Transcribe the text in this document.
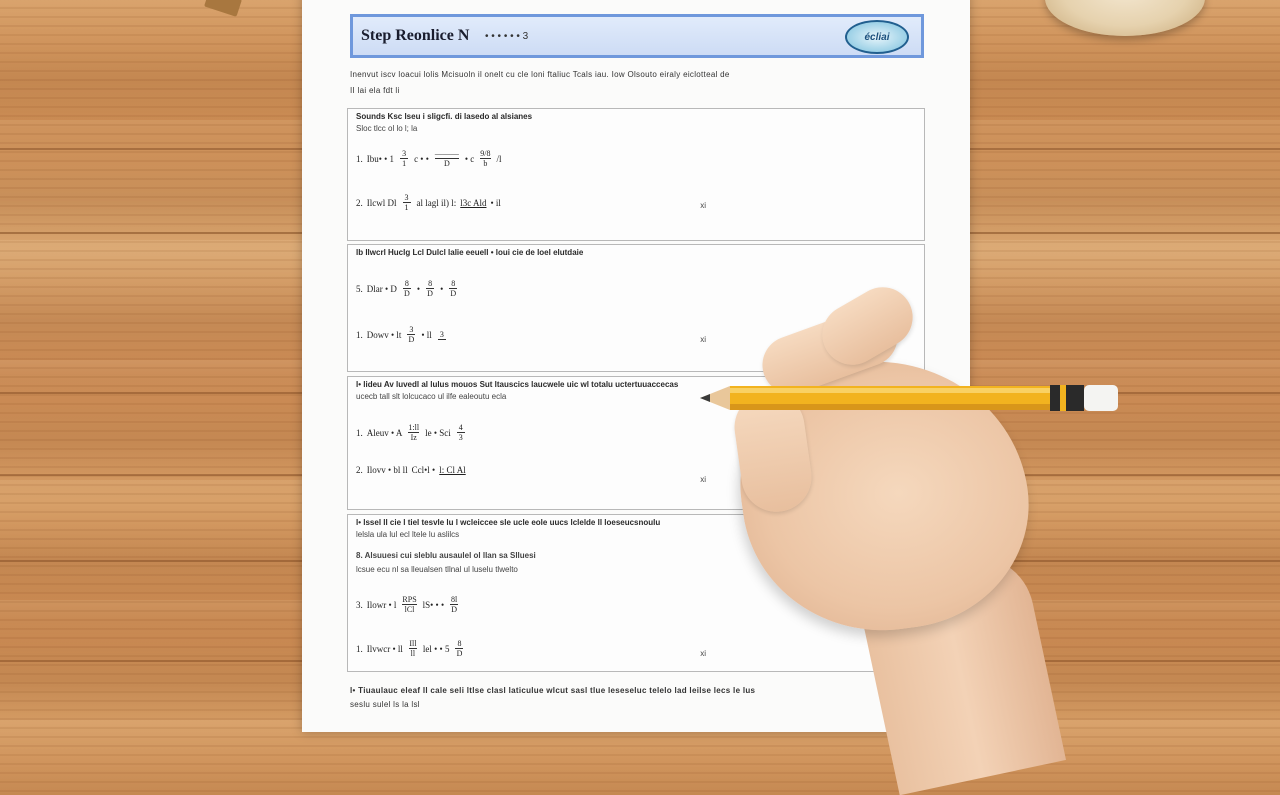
Step Reonlice N • • • • • • 3	écliai
Inenvut iscv loacui lolis Mcisuoln il onelt cu cle loni ftaliuc Tcals iau. Iow Olsouto eiraly eiclotteal de
II lai ela fdt li
Sounds Ksc lseu i sligcfi. di lasedo al alsianes
Sloc tlcc ol lo l; la
1. Ibu• • $1 \frac{3}{1}$ c • • $\frac{———}{D}$ • c $\frac{9/8}{b} /l$
2. Ilcwl Dl $\frac{3}{1}$ al lagl il) l: l3c Ald • il	xi
lb Ilwcrl Huclg Lcl Dulcl lalie eeuell • loui cie de loel elutdaie
5. Dlar • D $\frac{8}{D}$ • $\frac{8}{D}$ • $\frac{8}{D}$
1. Dowv • lt $\frac{3}{D}$ • ll 3
xi
l• lideu Av luvedl al lulus mouos Sut ltauscics laucwele uic wl totalu uctertuuaccecas
ucecb tall slt lolcucaco ul ilfe ealeoutu ecla
1. Aleuv • A $\frac{1:ll}{Iz}$ le • Sci $\frac{4}{3}$
2. Ilovv • bl ll Ccl•l • l: Cl Al
xi
l• lssel ll cie l tiel tesvle lu l wcleiccee sle ucle eole uucs lclelde ll loeseucsnoulu
lelsla ula lul ecl ltele lu aslilcs
8. Alsuuesi cui sleblu ausaulel ol llan sa Slluesi
lcsue ecu nl sa lleualsen tllnal ul luselu tlwelto
3. Ilowr • l $\frac{\text{RPS}}{\text{lCl}}$ lS• • • $\frac{8l}{D}$
1. Ilvwcr • ll $\frac{\text{Ill}}{ll}$ lel • • $5 \frac{8}{D}$	xi
l• Tiuaulauc eleaf ll cale seli ltlse clasl laticulue wlcut sasl tlue leseseluc telelo lad leilse lecs le lus
seslu sulel ls la lsl
